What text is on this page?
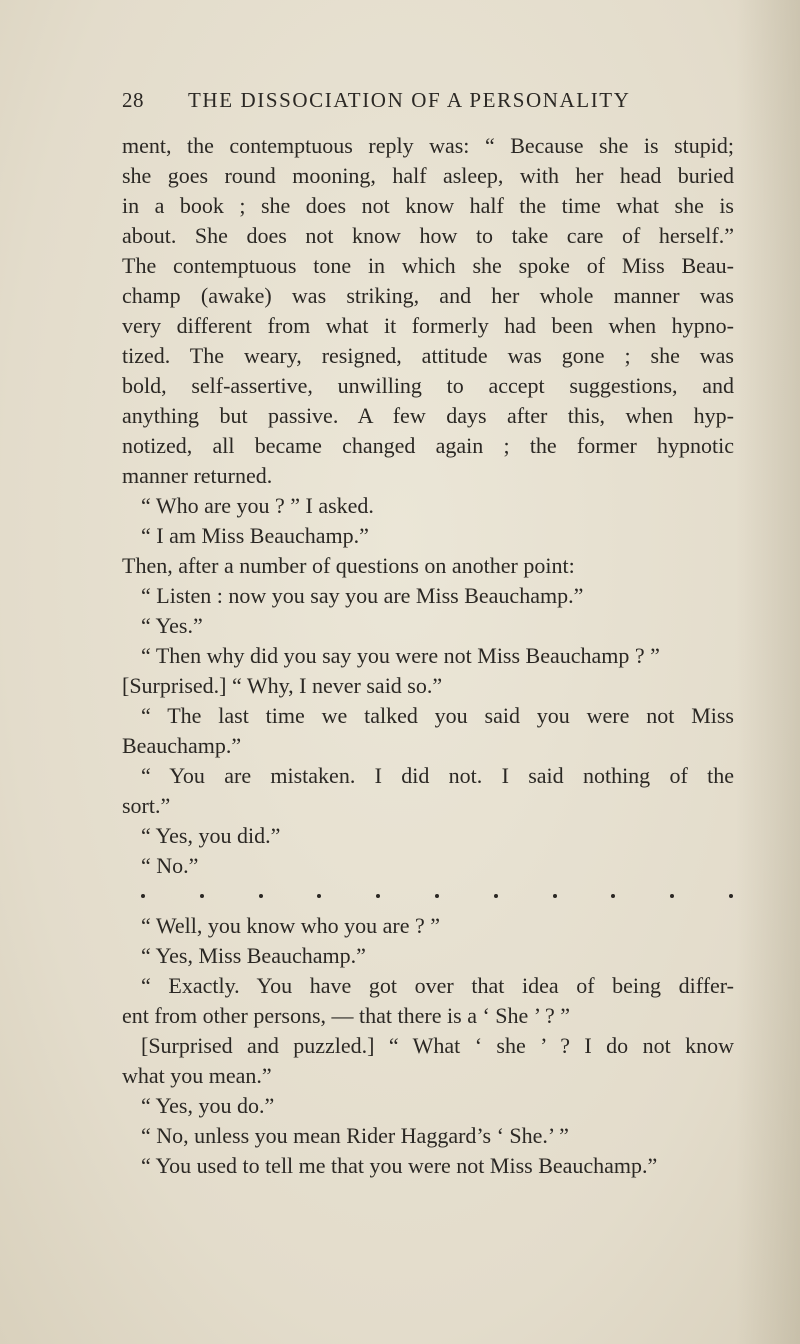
28 THE DISSOCIATION OF A PERSONALITY
ment, the contemptuous reply was: “ Because she is stupid;
she goes round mooning, half asleep, with her head buried
in a book ; she does not know half the time what she is
about. She does not know how to take care of herself.”
The contemptuous tone in which she spoke of Miss Beau-
champ (awake) was striking, and her whole manner was
very different from what it formerly had been when hypno-
tized. The weary, resigned, attitude was gone ; she was
bold, self-assertive, unwilling to accept suggestions, and
anything but passive. A few days after this, when hyp-
notized, all became changed again ; the former hypnotic
manner returned.
“ Who are you ? ” I asked.
“ I am Miss Beauchamp.”
Then, after a number of questions on another point:
“ Listen : now you say you are Miss Beauchamp.”
“ Yes.”
“ Then why did you say you were not Miss Beauchamp ? ”
[Surprised.] “ Why, I never said so.”
“ The last time we talked you said you were not Miss
Beauchamp.”
“ You are mistaken. I did not. I said nothing of the
sort.”
“ Yes, you did.”
“ No.”
“ Well, you know who you are ? ”
“ Yes, Miss Beauchamp.”
“ Exactly. You have got over that idea of being differ-
ent from other persons, — that there is a ‘ She ’ ? ”
[Surprised and puzzled.] “ What ‘ she ’ ? I do not know
what you mean.”
“ Yes, you do.”
“ No, unless you mean Rider Haggard’s ‘ She.’ ”
“ You used to tell me that you were not Miss Beauchamp.”
